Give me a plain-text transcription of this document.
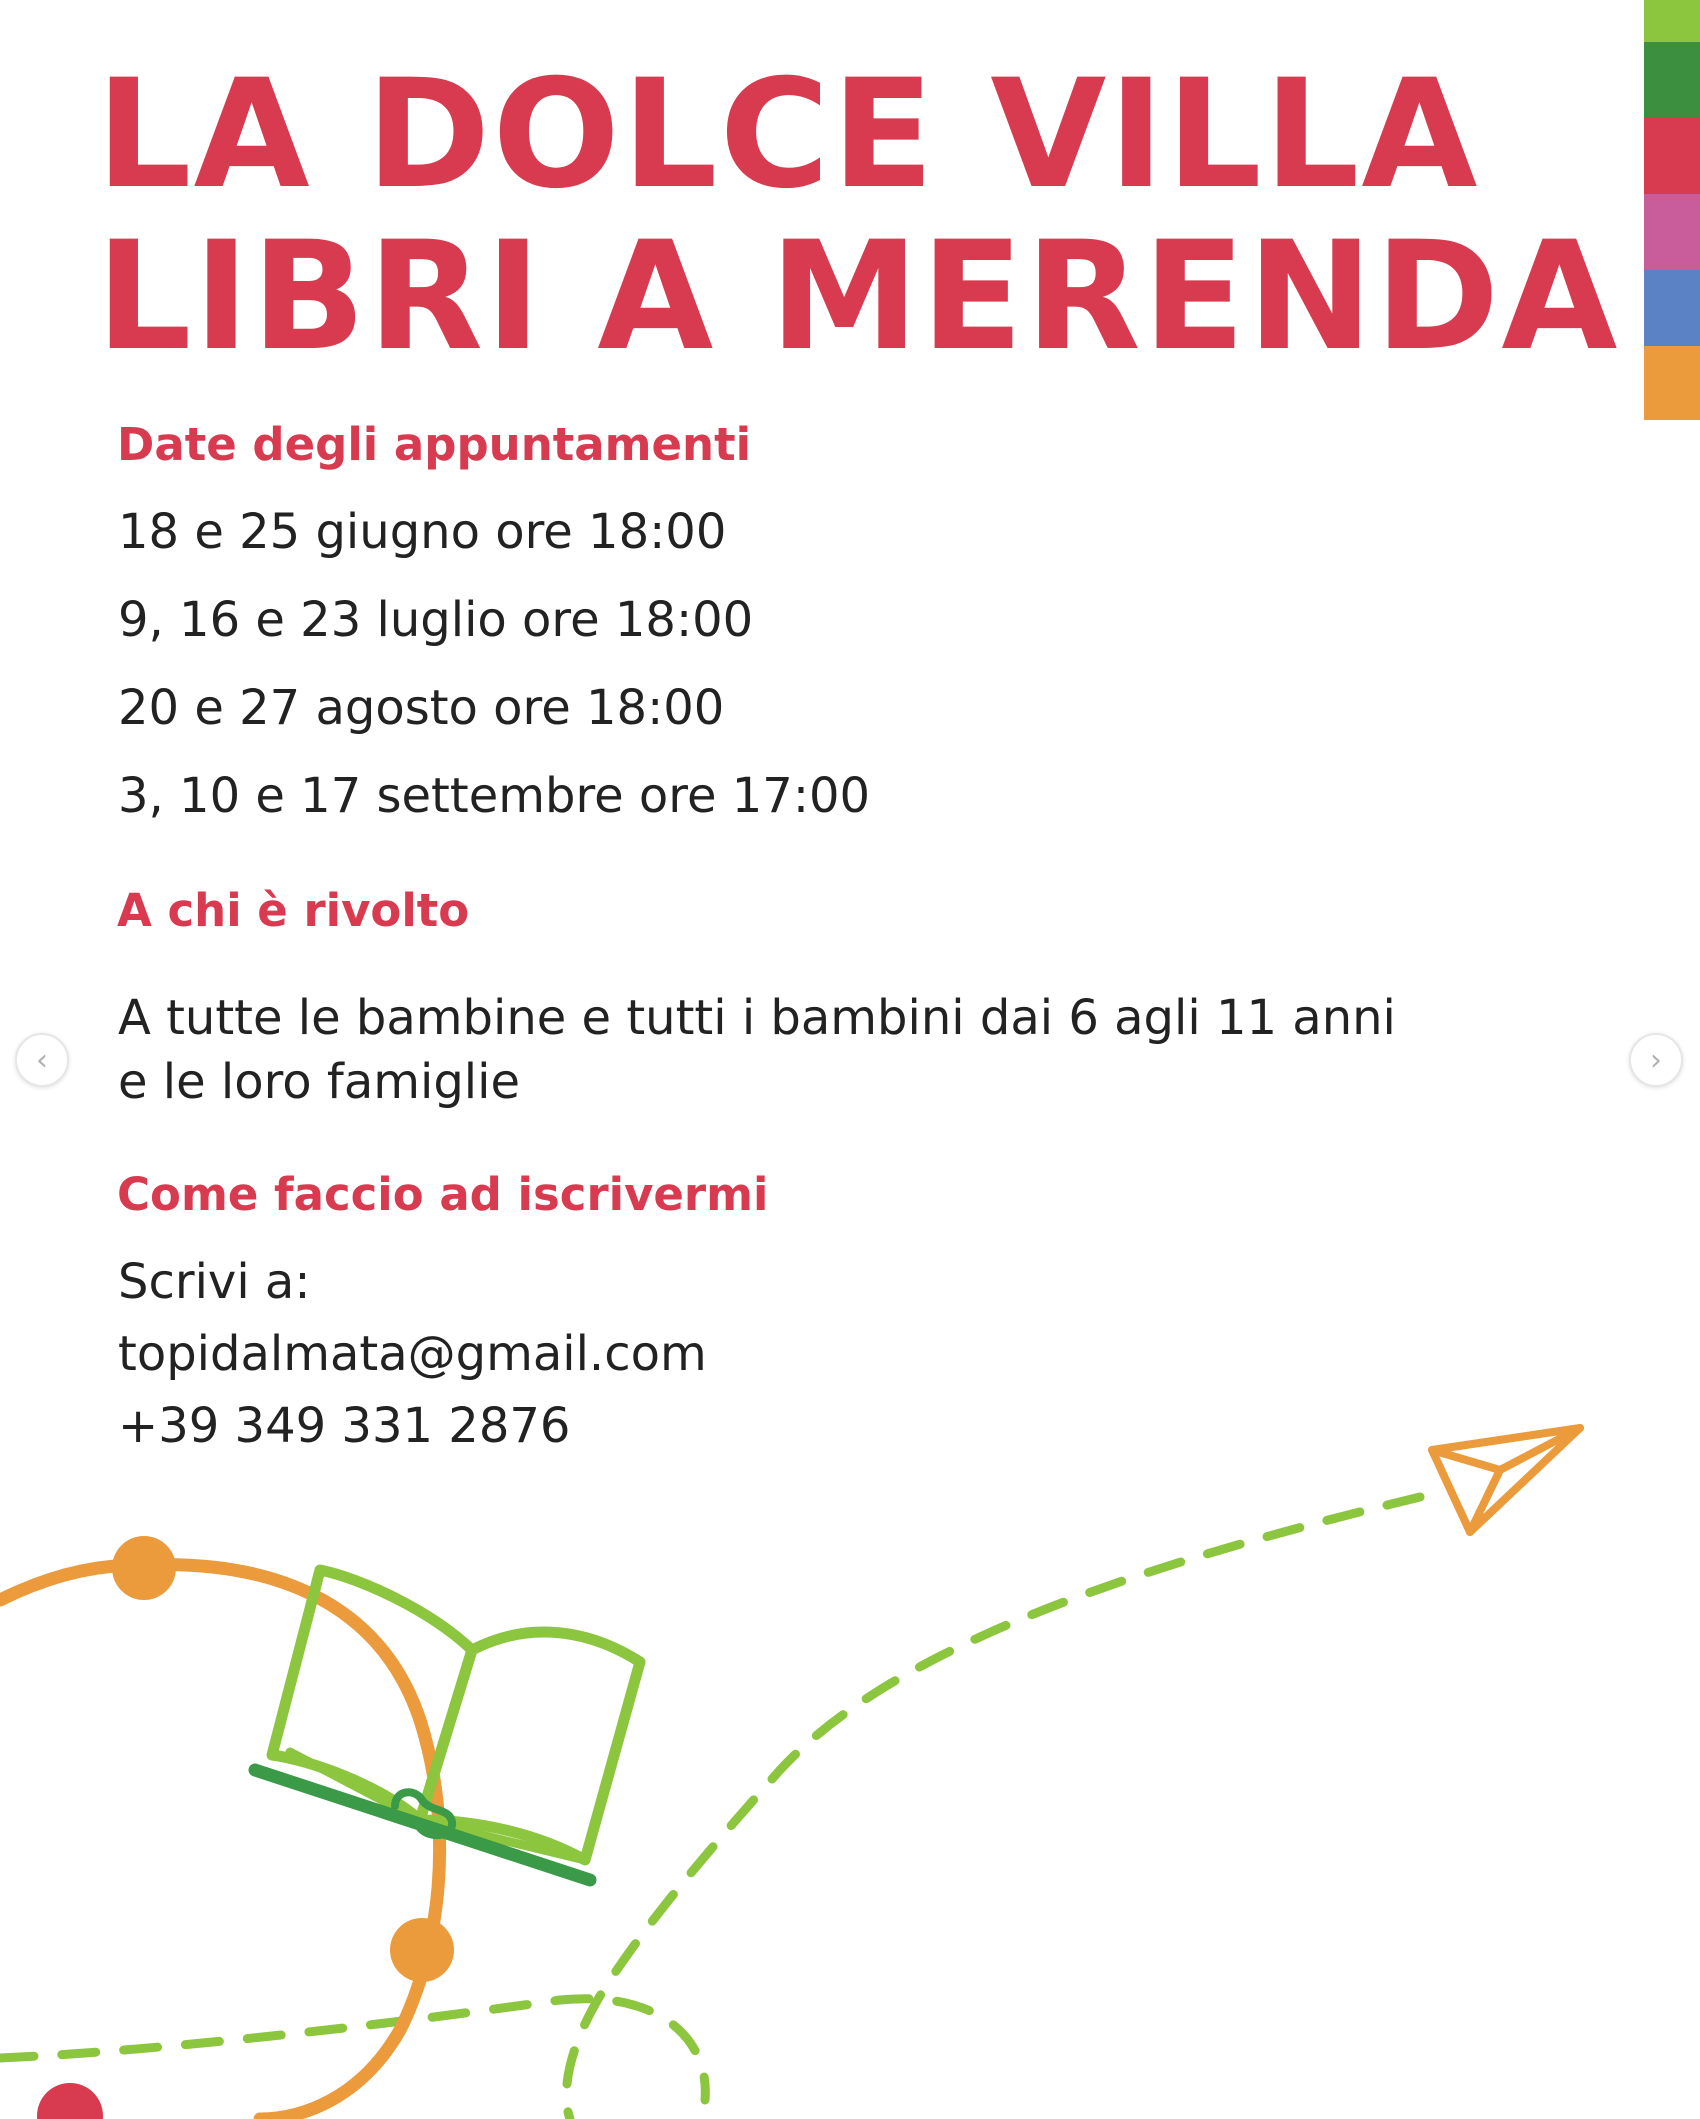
LA DOLCE VILLA
LIBRI A MERENDA
Date degli appuntamenti

18 e 25 giugno ore 18:00

9, 16 e 23 luglio ore 18:00

20 e 27 agosto ore 18:00

3, 10 e 17 settembre ore 17:00

A chi è rivolto

A tutte le bambine e tutti i bambini dai 6 agli 11 anni

e le loro famiglie

Come faccio ad iscrivermi

Scrivi a:

topidalmata@gmail.com

+39 349 331 2876

‹	›
